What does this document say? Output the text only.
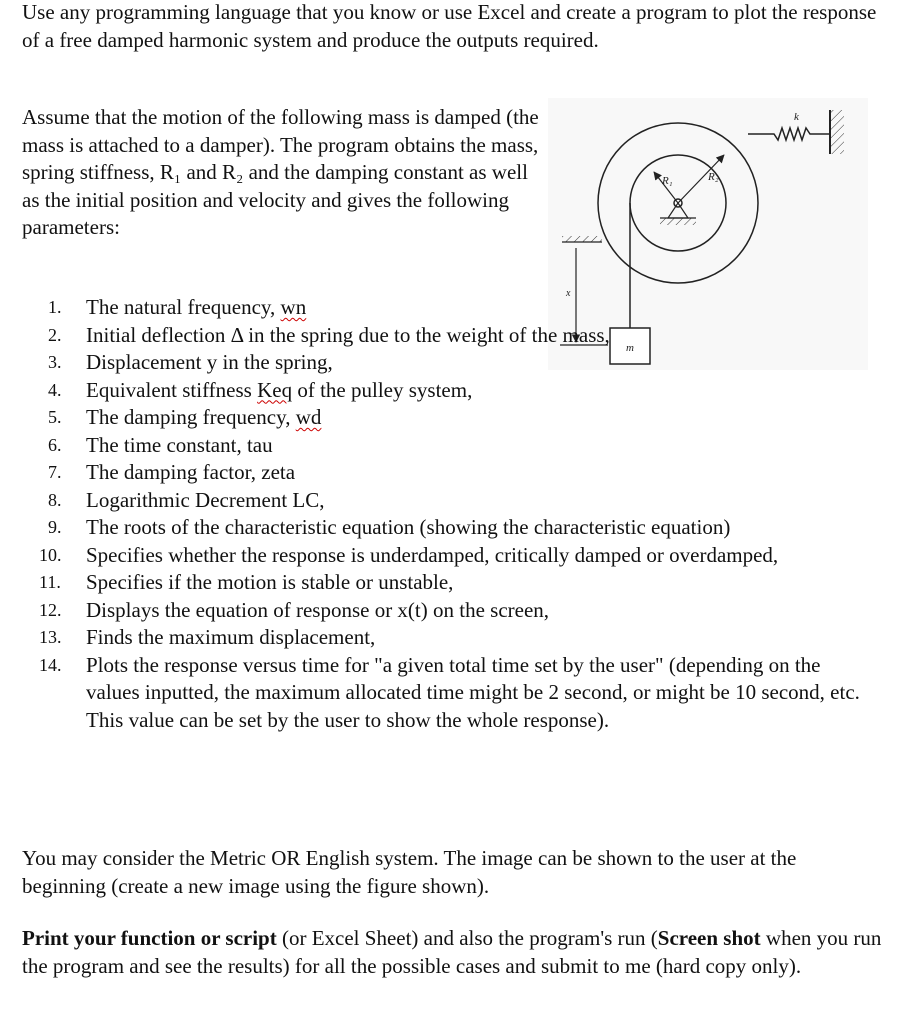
Use any programming language that you know or use Excel and create a program to plot the response of a free damped harmonic system and produce the outputs required.

Assume that the motion of the following mass is damped (the mass is attached to a damper). The program obtains the mass, spring stiffness, R₁ and R₂ and the damping constant as well as the initial position and velocity and gives the following parameters:

k
R₁	R₂
x
m
1.	The natural frequency, wn
2.	Initial deflection Δ in the spring due to the weight of the mass,
3.	Displacement y in the spring,
4.	Equivalent stiffness Keq of the pulley system,
5.	The damping frequency, wd
6.	The time constant, tau
7.	The damping factor, zeta
8.	Logarithmic Decrement LC,
9.	The roots of the characteristic equation (showing the characteristic equation)
10.	Specifies whether the response is underdamped, critically damped or overdamped,
11.	Specifies if the motion is stable or unstable,
12.	Displays the equation of response or x(t) on the screen,
13.	Finds the maximum displacement,
14.	Plots the response versus time for "a given total time set by the user" (depending on the values inputted, the maximum allocated time might be 2 second, or might be 10 second, etc. This value can be set by the user to show the whole response).

You may consider the Metric OR English system. The image can be shown to the user at the beginning (create a new image using the figure shown).

Print your function or script (or Excel Sheet) and also the program's run (Screen shot when you run the program and see the results) for all the possible cases and submit to me (hard copy only).
